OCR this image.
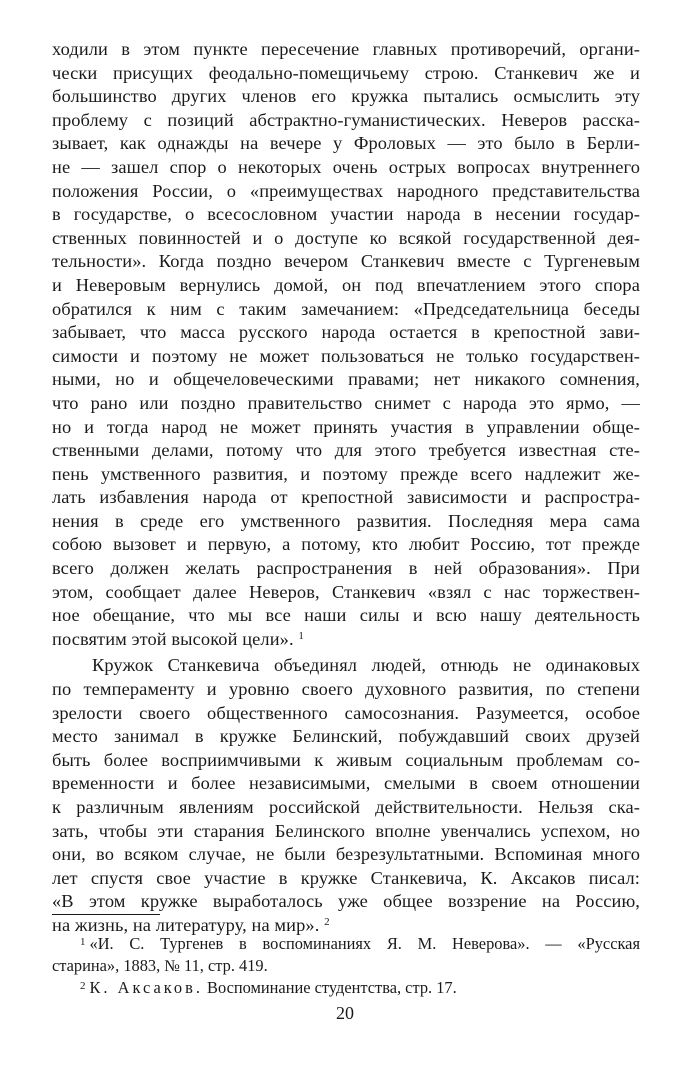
ходили в этом пункте пересечение главных противоречий, органи-
чески присущих феодально-помещичьему строю. Станкевич же и
большинство других членов его кружка пытались осмыслить эту
проблему с позиций абстрактно-гуманистических. Неверов расска-
зывает, как однажды на вечере у Фроловых — это было в Берли-
не — зашел спор о некоторых очень острых вопросах внутреннего
положения России, о «преимуществах народного представительства
в государстве, о всесословном участии народа в несении государ-
ственных повинностей и о доступе ко всякой государственной дея-
тельности». Когда поздно вечером Станкевич вместе с Тургеневым
и Неверовым вернулись домой, он под впечатлением этого спора
обратился к ним с таким замечанием: «Председательница беседы
забывает, что масса русского народа остается в крепостной зави-
симости и поэтому не может пользоваться не только государствен-
ными, но и общечеловеческими правами; нет никакого сомнения,
что рано или поздно правительство снимет с народа это ярмо, —
но и тогда народ не может принять участия в управлении обще-
ственными делами, потому что для этого требуется известная сте-
пень умственного развития, и поэтому прежде всего надлежит же-
лать избавления народа от крепостной зависимости и распростра-
нения в среде его умственного развития. Последняя мера сама
собою вызовет и первую, а потому, кто любит Россию, тот прежде
всего должен желать распространения в ней образования». При
этом, сообщает далее Неверов, Станкевич «взял с нас торжествен-
ное обещание, что мы все наши силы и всю нашу деятельность
посвятим этой высокой цели». $^1$
Кружок Станкевича объединял людей, отнюдь не одинаковых
по темпераменту и уровню своего духовного развития, по степени
зрелости своего общественного самосознания. Разумеется, особое
место занимал в кружке Белинский, побуждавший своих друзей
быть более восприимчивыми к живым социальным проблемам со-
временности и более независимыми, смелыми в своем отношении
к различным явлениям российской действительности. Нельзя ска-
зать, чтобы эти старания Белинского вполне увенчались успехом, но
они, во всяком случае, не были безрезультатными. Вспоминая много
лет спустя свое участие в кружке Станкевича, К. Аксаков писал:
«В этом кружке выработалось уже общее воззрение на Россию,
на жизнь, на литературу, на мир». $^2$
$^1$ «И. С. Тургенев в воспоминаниях Я. М. Неверова». — «Русская
старина», 1883, № 11, стр. 419.
$^2$ К. Аксаков. Воспоминание студентства, стр. 17.
20
